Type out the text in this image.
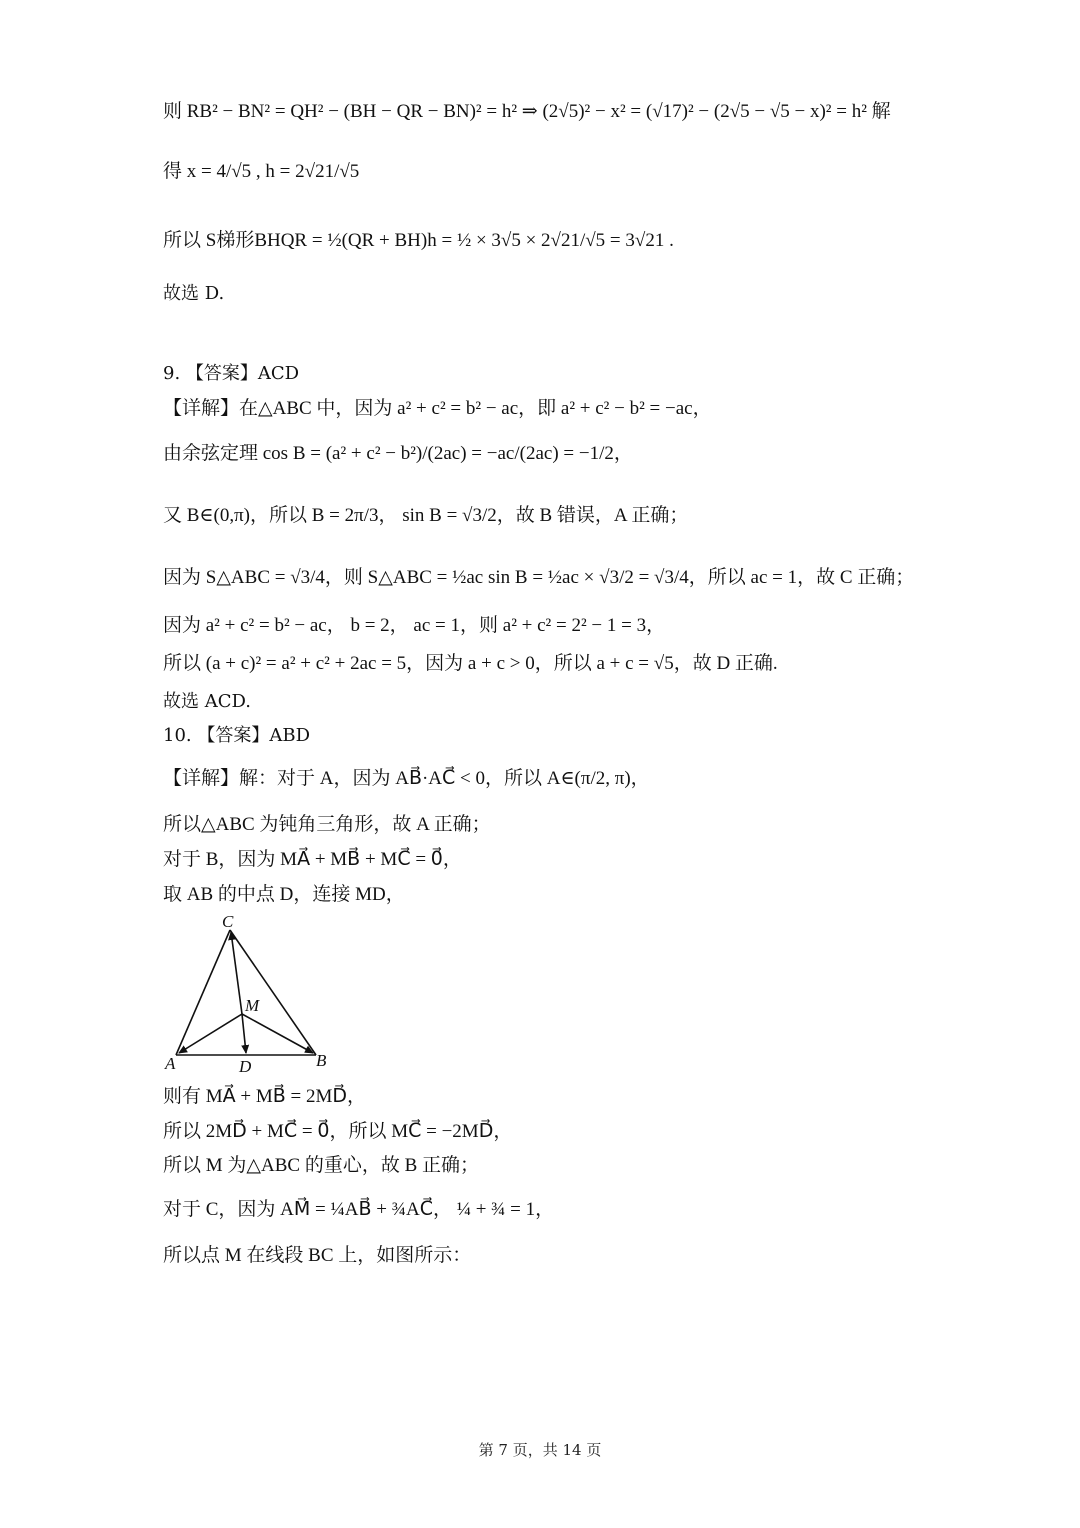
则 RB² − BN² = QH² − (BH − QR − BN)² = h² ⇒ (2√5)² − x² = (√17)² − (2√5 − √5 − x)² = h² 解
得 x = 4/√5 , h = 2√21/√5
所以 S梯形BHQR = ½(QR + BH)h = ½ × 3√5 × 2√21/√5 = 3√21 .
故选 D.
9. 【答案】ACD
【详解】在△ABC 中，因为 a² + c² = b² − ac，即 a² + c² − b² = −ac，
由余弦定理 cos B = (a² + c² − b²)/(2ac) = −ac/(2ac) = −1/2，
又 B∈(0,π)，所以 B = 2π/3， sin B = √3/2，故 B 错误，A 正确；
因为 S△ABC = √3/4，则 S△ABC = ½ac sin B = ½ac × √3/2 = √3/4，所以 ac = 1，故 C 正确；
因为 a² + c² = b² − ac， b = 2， ac = 1，则 a² + c² = 2² − 1 = 3，
所以 (a + c)² = a² + c² + 2ac = 5，因为 a + c > 0，所以 a + c = √5，故 D 正确.
故选 ACD.
10. 【答案】ABD
【详解】解：对于 A，因为 AB⃗·AC⃗ < 0，所以 A∈(π/2, π)，
所以△ABC 为钝角三角形，故 A 正确；
对于 B，因为 MA⃗ + MB⃗ + MC⃗ = 0⃗，
取 AB 的中点 D，连接 MD，
C
M
A	D	B
则有 MA⃗ + MB⃗ = 2MD⃗，
所以 2MD⃗ + MC⃗ = 0⃗，所以 MC⃗ = −2MD⃗，
所以 M 为△ABC 的重心，故 B 正确；
对于 C，因为 AM⃗ = ¼AB⃗ + ¾AC⃗， ¼ + ¾ = 1，
所以点 M 在线段 BC 上，如图所示：
第 7 页，共 14 页
